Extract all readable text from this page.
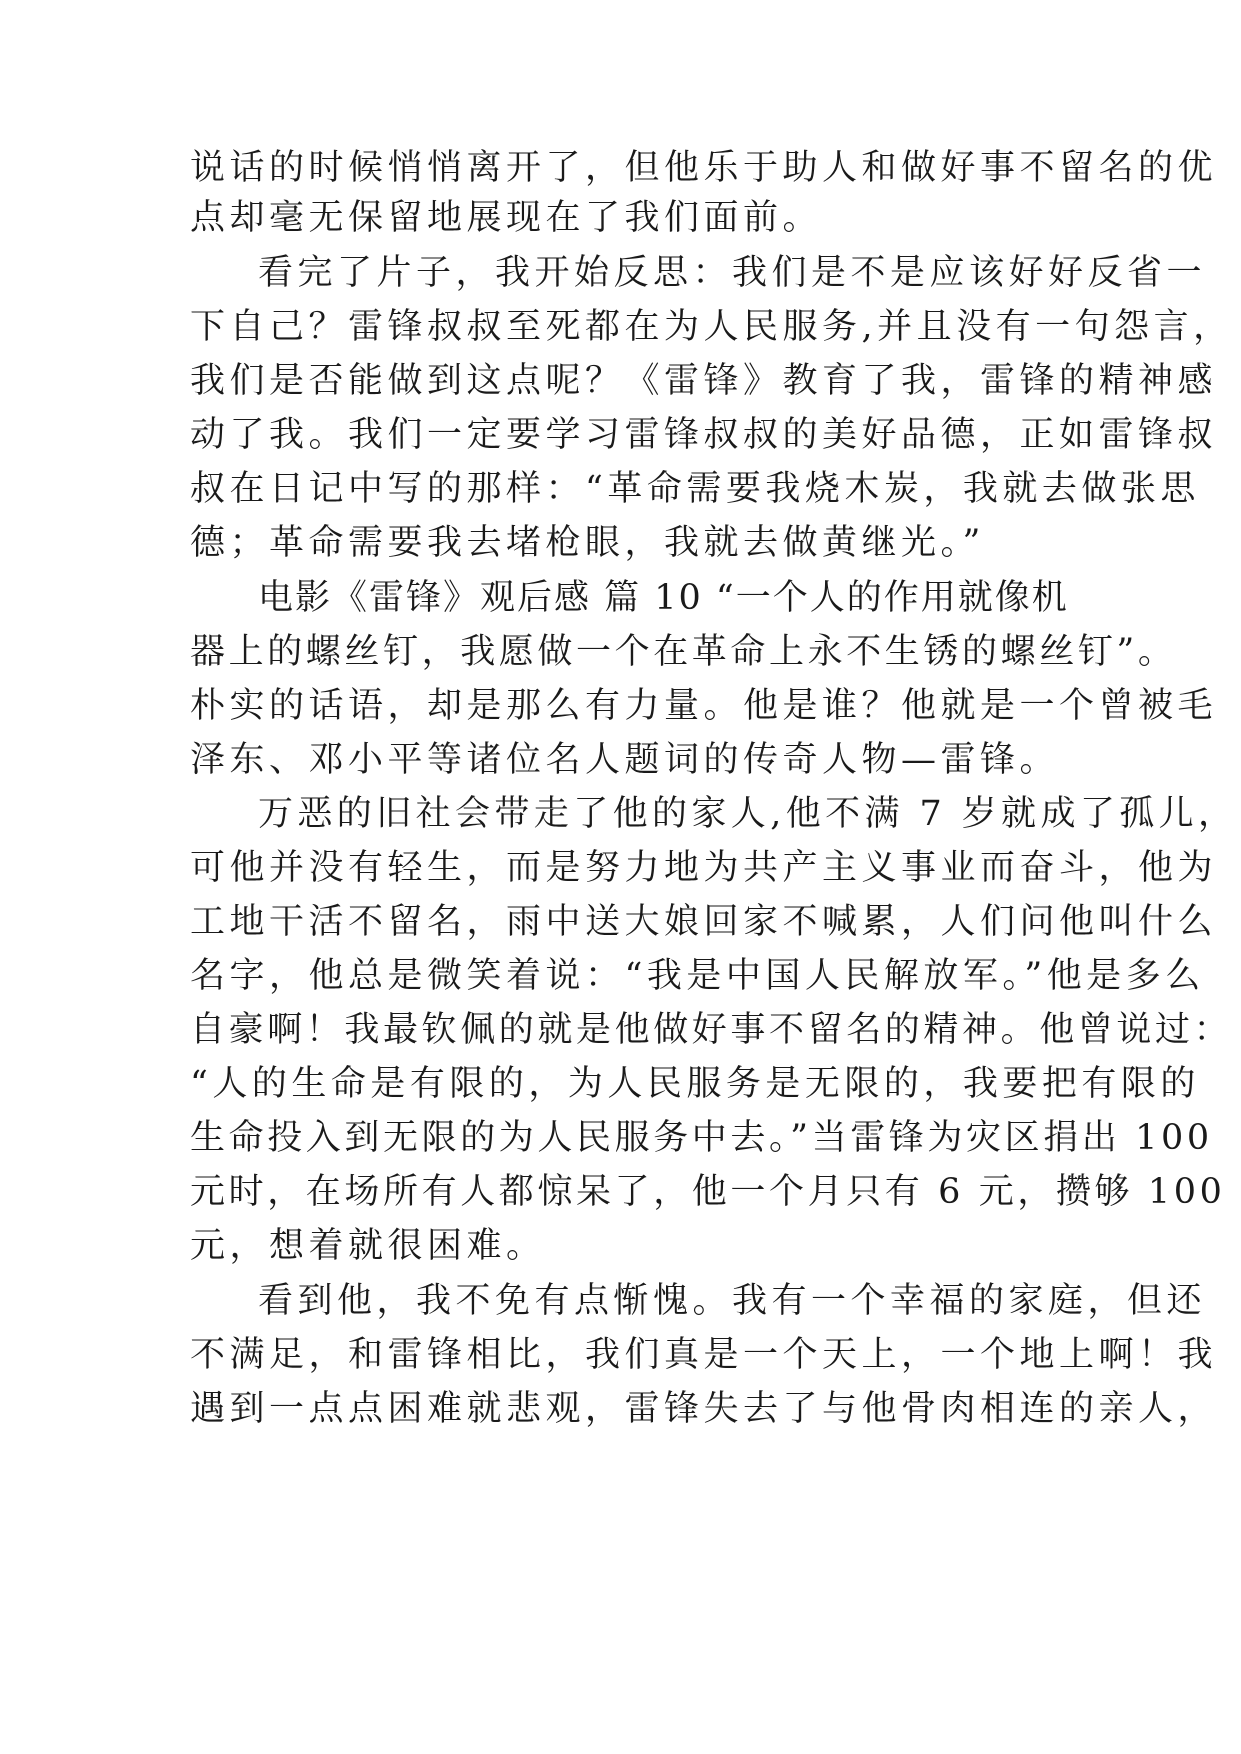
说话的时候悄悄离开了，但他乐于助人和做好事不留名的优
点却毫无保留地展现在了我们面前。
看完了片子，我开始反思：我们是不是应该好好反省一
下自己？雷锋叔叔至死都在为人民服务,并且没有一句怨言，
我们是否能做到这点呢？《雷锋》教育了我，雷锋的精神感
动了我。我们一定要学习雷锋叔叔的美好品德，正如雷锋叔
叔在日记中写的那样：“革命需要我烧木炭，我就去做张思
德；革命需要我去堵枪眼，我就去做黄继光。”
电影《雷锋》观后感 篇 10 “一个人的作用就像机
器上的螺丝钉，我愿做一个在革命上永不生锈的螺丝钉”。
朴实的话语，却是那么有力量。他是谁？他就是一个曾被毛
泽东、邓小平等诸位名人题词的传奇人物—雷锋。
万恶的旧社会带走了他的家人,他不满 7 岁就成了孤儿，
可他并没有轻生，而是努力地为共产主义事业而奋斗，他为
工地干活不留名，雨中送大娘回家不喊累，人们问他叫什么
名字，他总是微笑着说：“我是中国人民解放军。”他是多么
自豪啊！我最钦佩的就是他做好事不留名的精神。他曾说过：
“人的生命是有限的，为人民服务是无限的，我要把有限的
生命投入到无限的为人民服务中去。”当雷锋为灾区捐出 100
元时，在场所有人都惊呆了，他一个月只有 6 元，攒够 100
元，想着就很困难。
看到他，我不免有点惭愧。我有一个幸福的家庭，但还
不满足，和雷锋相比，我们真是一个天上，一个地上啊！我
遇到一点点困难就悲观，雷锋失去了与他骨肉相连的亲人，
